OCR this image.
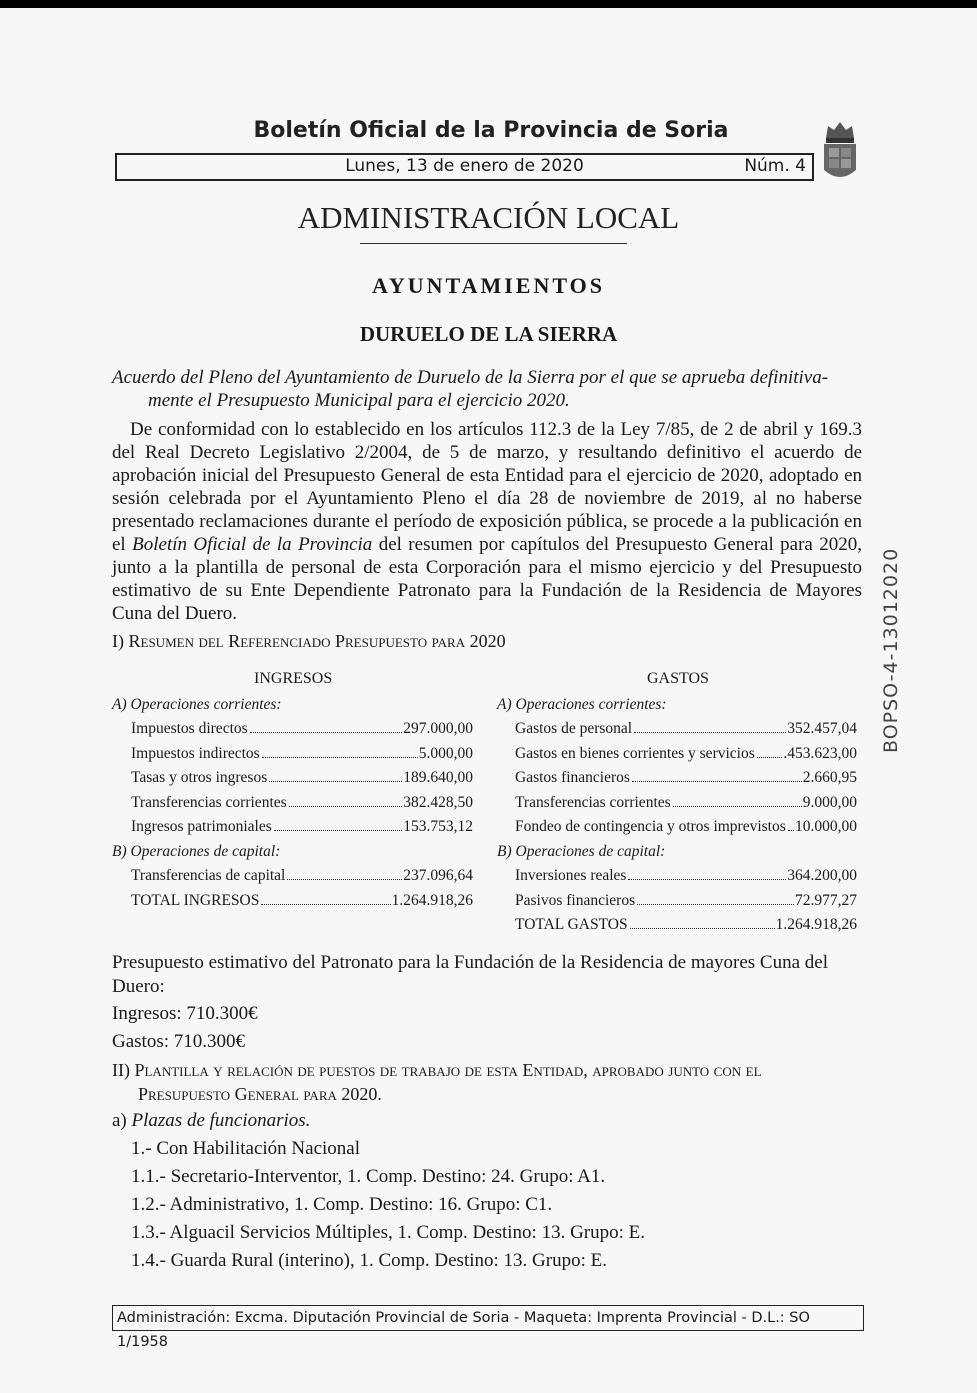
Boletín Oficial de la Provincia de Soria
Lunes, 13 de enero de 2020	Núm. 4
ADMINISTRACIÓN LOCAL
AYUNTAMIENTOS
DURUELO DE LA SIERRA
Acuerdo del Pleno del Ayuntamiento de Duruelo de la Sierra por el que se aprueba definitiva-
mente el Presupuesto Municipal para el ejercicio 2020.

De conformidad con lo establecido en los artículos 112.3 de la Ley 7/85, de 2 de abril y 169.3 del Real Decreto Legislativo 2/2004, de 5 de marzo, y resultando definitivo el acuerdo de aprobación inicial del Presupuesto General de esta Entidad para el ejercicio de 2020, adoptado en sesión celebrada por el Ayuntamiento Pleno el día 28 de noviembre de 2019, al no haberse presentado reclamaciones durante el período de exposición pública, se procede a la publicación en el Boletín Oficial de la Provincia del resumen por capítulos del Presupuesto General para 2020, junto a la plantilla de personal de esta Corporación para el mismo ejercicio y del Presupuesto estimativo de su Ente Dependiente Patronato para la Fundación de la Residencia de Mayores Cuna del Duero.

I) Resumen del Referenciado Presupuesto para 2020
INGRESOS
A) Operaciones corrientes:
Impuestos directos	297.000,00
Impuestos indirectos	5.000,00
Tasas y otros ingresos	189.640,00
Transferencias corrientes	382.428,50
Ingresos patrimoniales	153.753,12
B) Operaciones de capital:
Transferencias de capital	237.096,64
TOTAL INGRESOS	1.264.918,26
GASTOS
A) Operaciones corrientes:
Gastos de personal	352.457,04
Gastos en bienes corrientes y servicios .453.623,00
Gastos financieros	2.660,95
Transferencias corrientes	9.000,00
Fondeo de contingencia y otros imprevistos 10.000,00
B) Operaciones de capital:
Inversiones reales	364.200,00
Pasivos financieros	72.977,27
TOTAL GASTOS	1.264.918,26
Presupuesto estimativo del Patronato para la Fundación de la Residencia de mayores Cuna del
Duero:
Ingresos: 710.300€
Gastos: 710.300€
II) Plantilla y relación de puestos de trabajo de esta Entidad, aprobado junto con el
Presupuesto General para 2020.
a) Plazas de funcionarios.
1.- Con Habilitación Nacional
1.1.- Secretario-Interventor, 1. Comp. Destino: 24. Grupo: A1.
1.2.- Administrativo, 1. Comp. Destino: 16. Grupo: C1.
1.3.- Alguacil Servicios Múltiples, 1. Comp. Destino: 13. Grupo: E.
1.4.- Guarda Rural (interino), 1. Comp. Destino: 13. Grupo: E.
BOPSO-4-13012020
Administración: Excma. Diputación Provincial de Soria - Maqueta: Imprenta Provincial - D.L.: SO 1/1958
